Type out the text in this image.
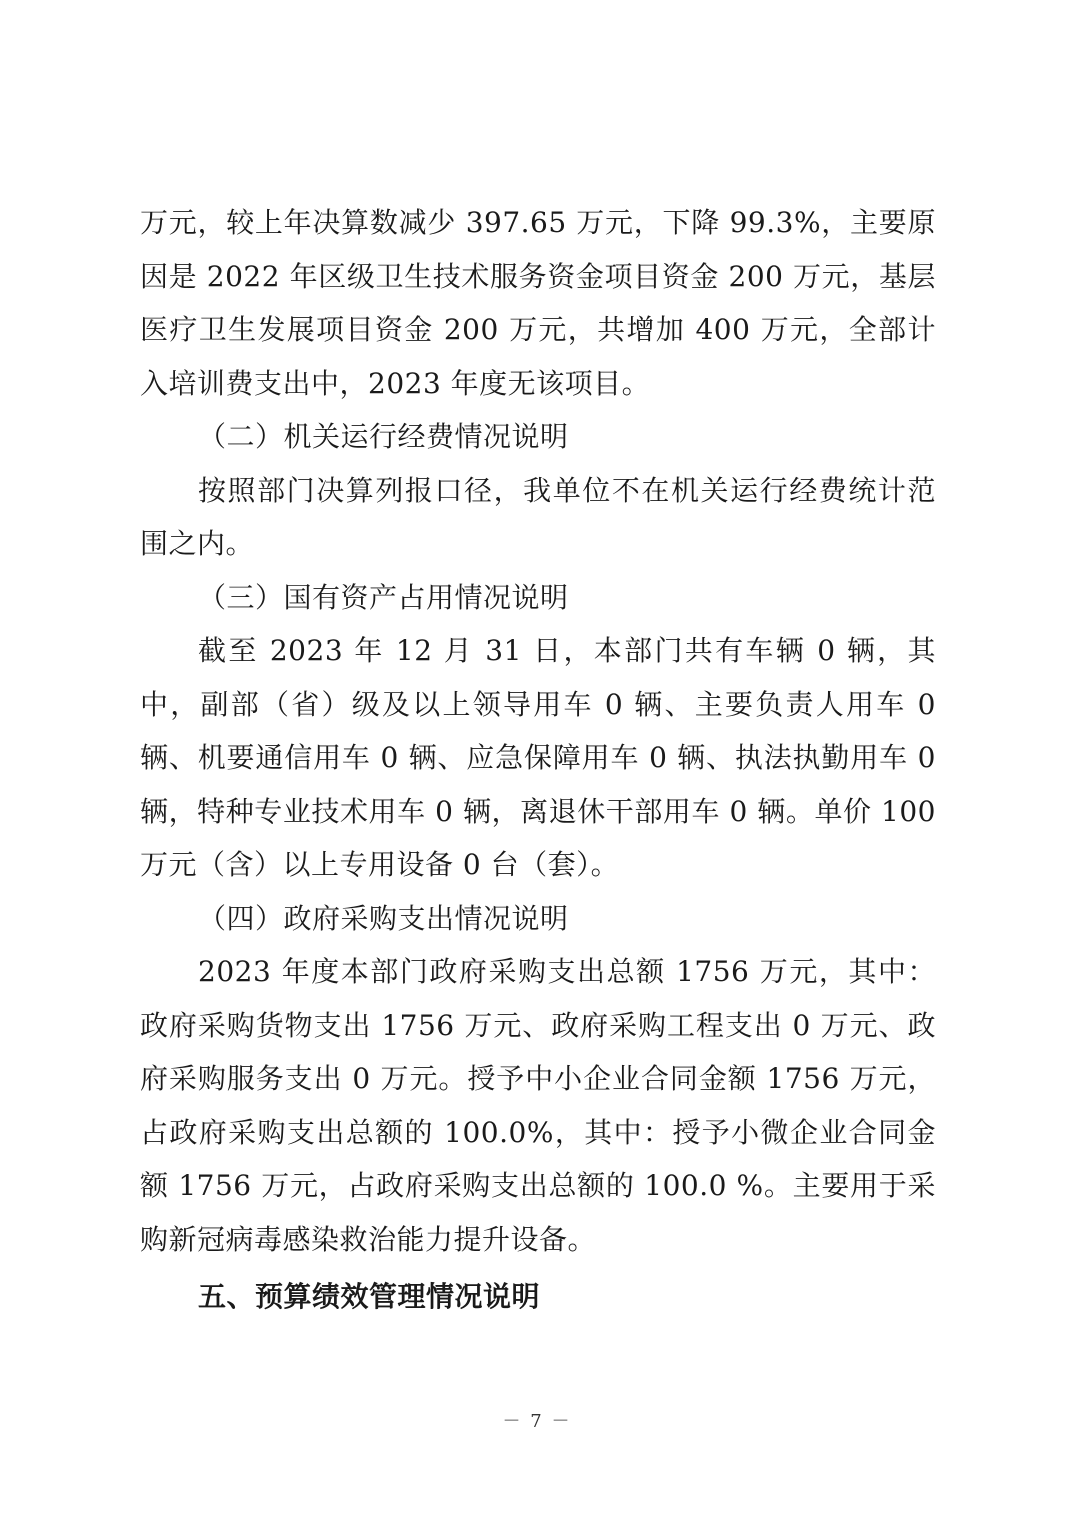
万元，较上年决算数减少 397.65 万元，下降 99.3%，主要原因是 2022 年区级卫生技术服务资金项目资金 200 万元，基层医疗卫生发展项目资金 200 万元，共增加 400 万元，全部计入培训费支出中，2023 年度无该项目。

（二）机关运行经费情况说明

按照部门决算列报口径，我单位不在机关运行经费统计范围之内。

（三）国有资产占用情况说明

截至 2023 年 12 月 31 日，本部门共有车辆 0 辆，其中，副部（省）级及以上领导用车 0 辆、主要负责人用车 0 辆、机要通信用车 0 辆、应急保障用车 0 辆、执法执勤用车 0 辆，特种专业技术用车 0 辆，离退休干部用车 0 辆。单价 100 万元（含）以上专用设备 0 台（套）。

（四）政府采购支出情况说明

2023 年度本部门政府采购支出总额 1756 万元，其中：政府采购货物支出 1756 万元、政府采购工程支出 0 万元、政府采购服务支出 0 万元。授予中小企业合同金额 1756 万元，占政府采购支出总额的 100.0%，其中：授予小微企业合同金额 1756 万元，占政府采购支出总额的 100.0 %。主要用于采购新冠病毒感染救治能力提升设备。

五、预算绩效管理情况说明

－ 7 －
